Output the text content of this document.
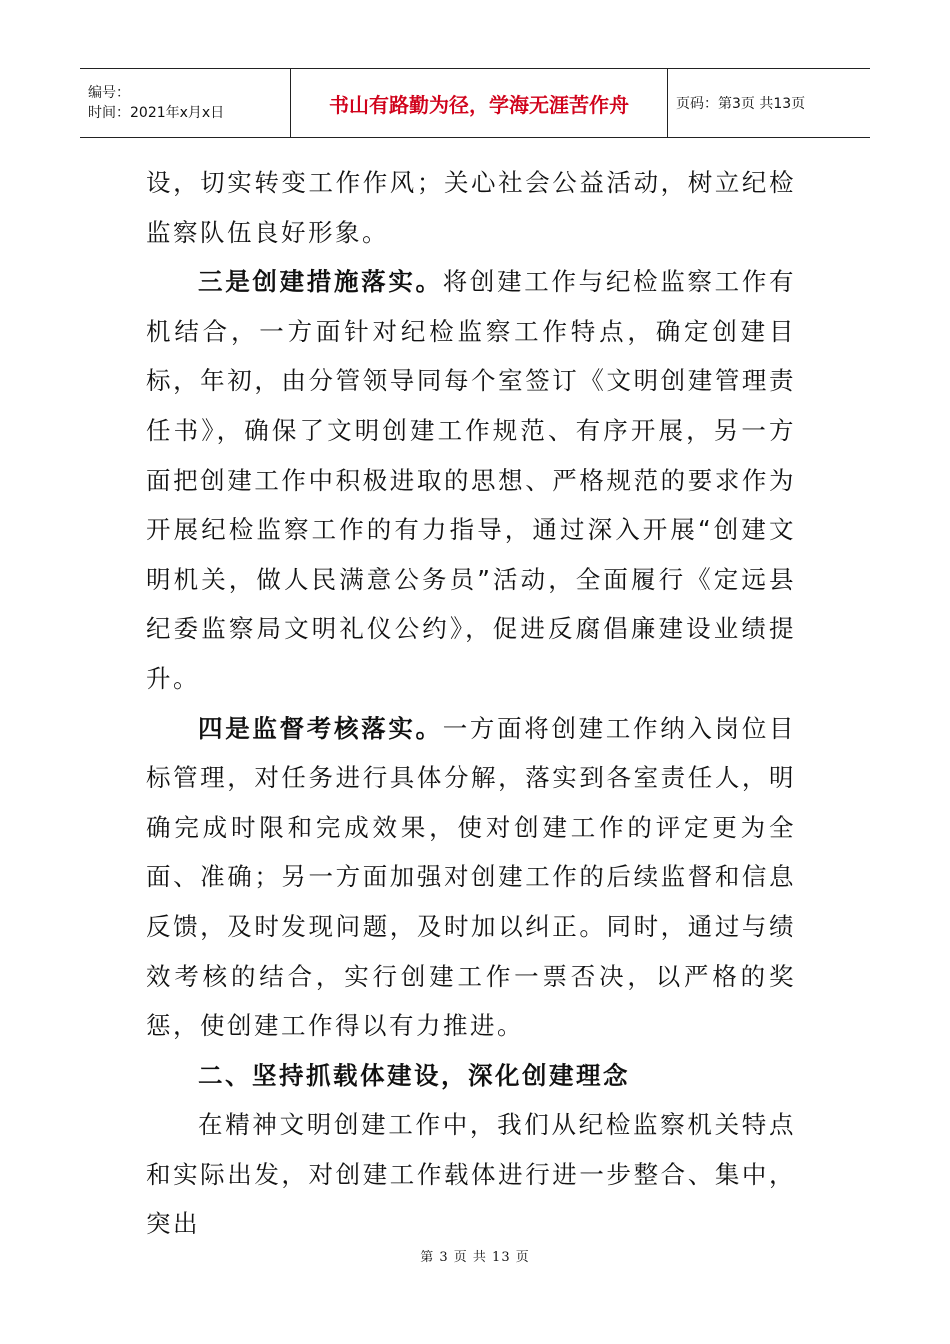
编号：
时间：2021年x月x日	书山有路勤为径，学海无涯苦作舟	页码：第3页 共13页

设，切实转变工作作风；关心社会公益活动，树立纪检监察队伍良好形象。

三是创建措施落实。将创建工作与纪检监察工作有机结合，一方面针对纪检监察工作特点，确定创建目标，年初，由分管领导同每个室签订《文明创建管理责任书》，确保了文明创建工作规范、有序开展，另一方面把创建工作中积极进取的思想、严格规范的要求作为开展纪检监察工作的有力指导，通过深入开展“创建文明机关，做人民满意公务员”活动，全面履行《定远县纪委监察局文明礼仪公约》，促进反腐倡廉建设业绩提升。

四是监督考核落实。一方面将创建工作纳入岗位目标管理，对任务进行具体分解，落实到各室责任人，明确完成时限和完成效果，使对创建工作的评定更为全面、准确；另一方面加强对创建工作的后续监督和信息反馈，及时发现问题，及时加以纠正。同时，通过与绩效考核的结合，实行创建工作一票否决，以严格的奖惩，使创建工作得以有力推进。

二、坚持抓载体建设，深化创建理念

在精神文明创建工作中，我们从纪检监察机关特点和实际出发，对创建工作载体进行进一步整合、集中，突出

第 3 页 共 13 页
